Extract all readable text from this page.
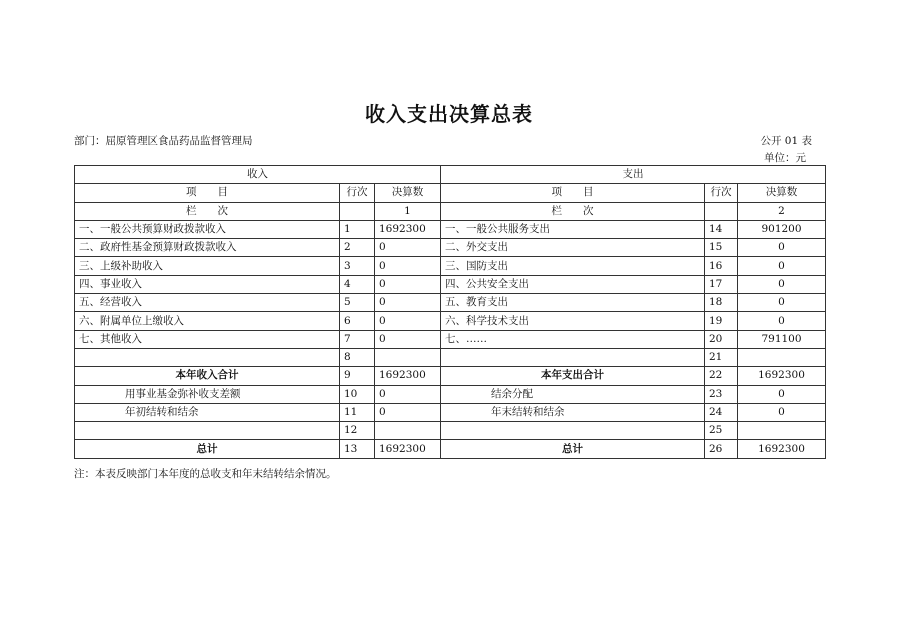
收入支出决算总表
部门：屈原管理区食品药品监督管理局	公开 01 表
单位：元
收入			支出		
项　　目	行次	决算数	项　　目	行次	决算数
栏　　次		1	栏　　次		2
一、一般公共预算财政拨款收入	1	1692300	一、一般公共服务支出	14	901200
二、政府性基金预算财政拨款收入	2	0	二、外交支出	15	0
三、上级补助收入	3	0	三、国防支出	16	0
四、事业收入	4	0	四、公共安全支出	17	0
五、经营收入	5	0	五、教育支出	18	0
六、附属单位上缴收入	6	0	六、科学技术支出	19	0
七、其他收入	7	0	七、……	20	791100
	8			21	
本年收入合计	9	1692300	本年支出合计	22	1692300
用事业基金弥补收支差额	10	0	结余分配	23	0
年初结转和结余	11	0	年末结转和结余	24	0
	12			25	
总计	13	1692300	总计	26	1692300
注：本表反映部门本年度的总收支和年末结转结余情况。
